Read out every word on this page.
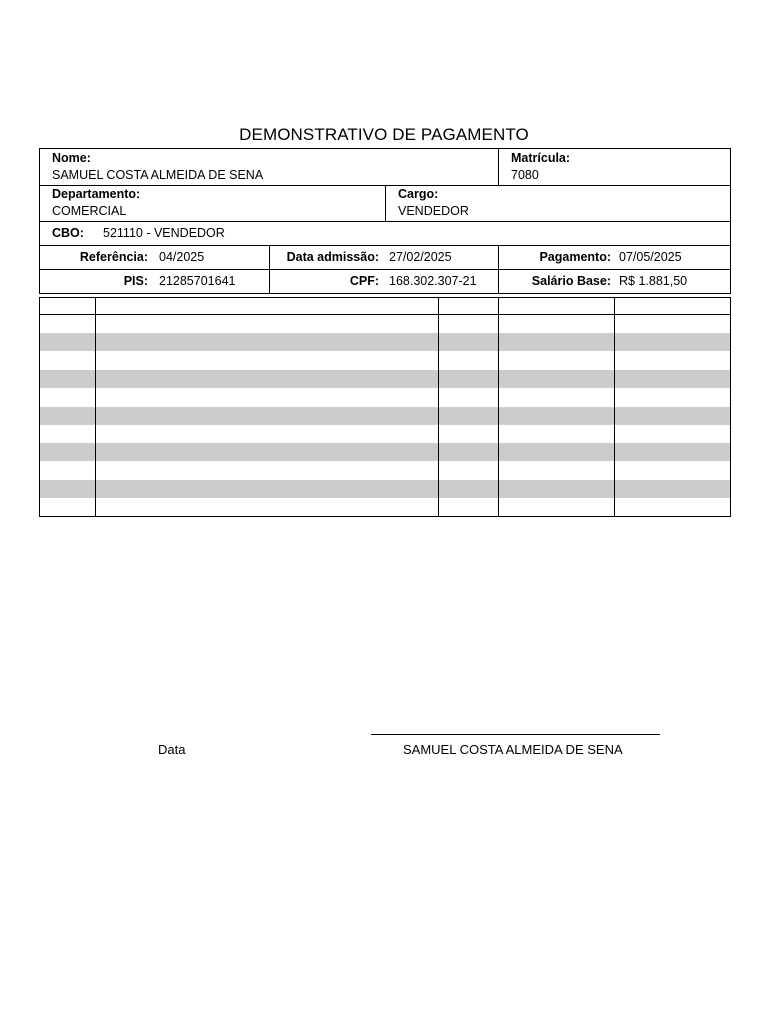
DEMONSTRATIVO DE PAGAMENTO
Nome:
SAMUEL COSTA ALMEIDA DE SENA
Matrícula:
7080
Departamento:
COMERCIAL
Cargo:
VENDEDOR
CBO: 521110 - VENDEDOR
Referência: 04/2025	Data admissão: 27/02/2025	Pagamento: 07/05/2025
PIS: 21285701641	CPF: 168.302.307-21	Salário Base: R$ 1.881,50
Data	SAMUEL COSTA ALMEIDA DE SENA
